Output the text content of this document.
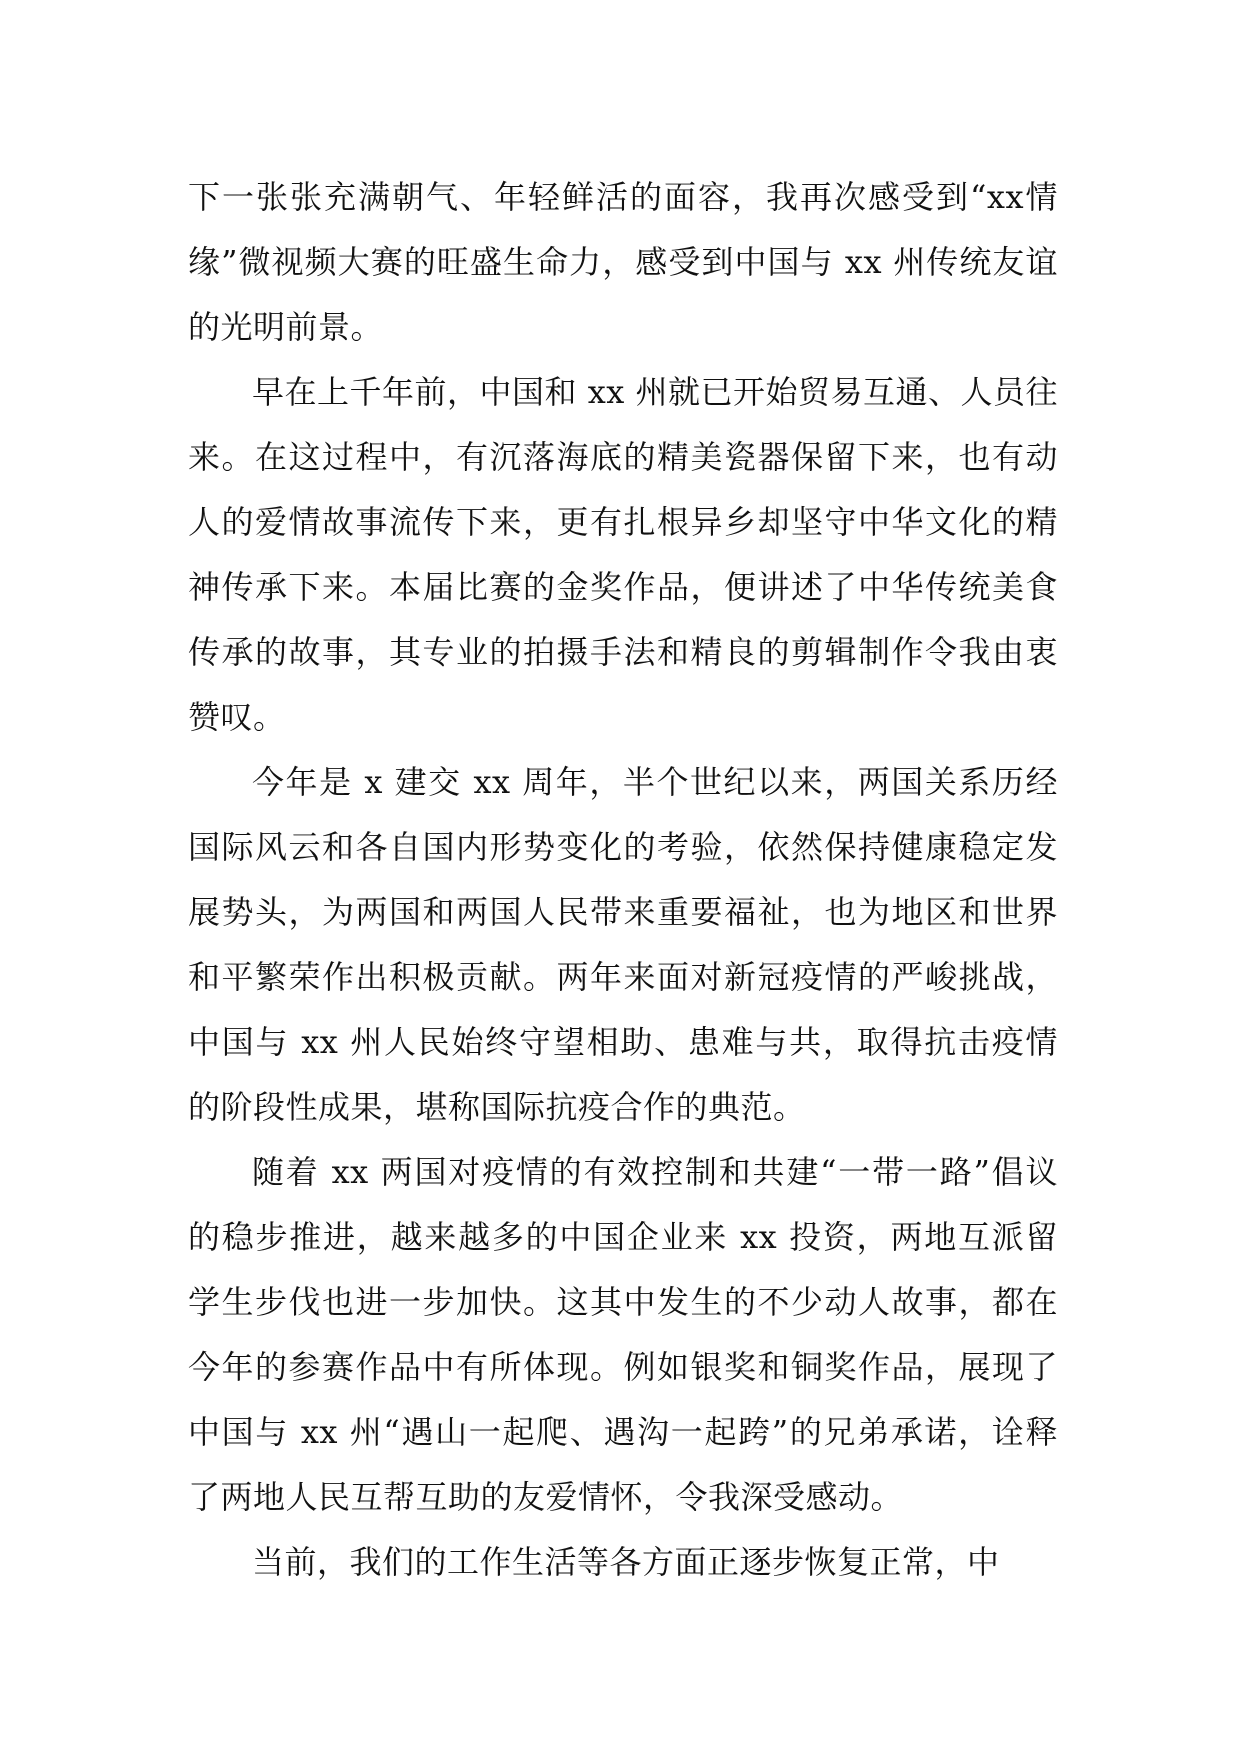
下一张张充满朝气、年轻鲜活的面容，我再次感受到“xx情缘”微视频大赛的旺盛生命力，感受到中国与 xx 州传统友谊的光明前景。

早在上千年前，中国和 xx 州就已开始贸易互通、人员往来。在这过程中，有沉落海底的精美瓷器保留下来，也有动人的爱情故事流传下来，更有扎根异乡却坚守中华文化的精神传承下来。本届比赛的金奖作品，便讲述了中华传统美食传承的故事，其专业的拍摄手法和精良的剪辑制作令我由衷赞叹。

今年是 x 建交 xx 周年，半个世纪以来，两国关系历经国际风云和各自国内形势变化的考验，依然保持健康稳定发展势头，为两国和两国人民带来重要福祉，也为地区和世界和平繁荣作出积极贡献。两年来面对新冠疫情的严峻挑战，中国与 xx 州人民始终守望相助、患难与共，取得抗击疫情的阶段性成果，堪称国际抗疫合作的典范。

随着 xx 两国对疫情的有效控制和共建“一带一路”倡议的稳步推进，越来越多的中国企业来 xx 投资，两地互派留学生步伐也进一步加快。这其中发生的不少动人故事，都在今年的参赛作品中有所体现。例如银奖和铜奖作品，展现了中国与 xx 州“遇山一起爬、遇沟一起跨”的兄弟承诺，诠释了两地人民互帮互助的友爱情怀，令我深受感动。

当前，我们的工作生活等各方面正逐步恢复正常，中
